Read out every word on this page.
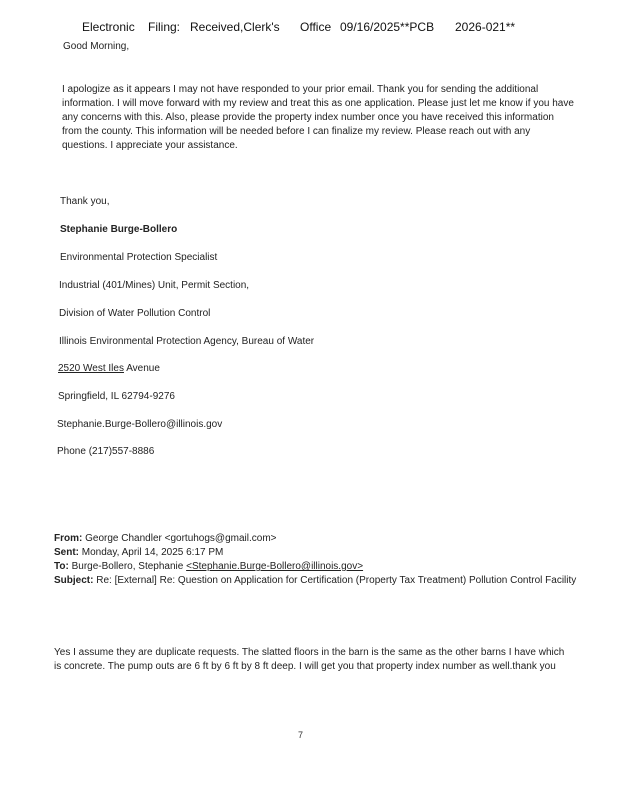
Electronic Filing: Received,Clerk's Office 09/16/2025**PCB 2026-021**
Good Morning,
I apologize as it appears I may not have responded to your prior email. Thank you for sending the additional information. I will move forward with my review and treat this as one application. Please just let me know if you have any concerns with this. Also, please provide the property index number once you have received this information from the county. This information will be needed before I can finalize my review. Please reach out with any questions. I appreciate your assistance.
Thank you,
Stephanie Burge-Bollero
Environmental Protection Specialist
Industrial (401/Mines) Unit, Permit Section,
Division of Water Pollution Control
Illinois Environmental Protection Agency, Bureau of Water
2520 West Iles Avenue
Springfield, IL 62794-9276
Stephanie.Burge-Bollero@illinois.gov
Phone (217)557-8886
From: George Chandler <gortuhogs@gmail.com>
Sent: Monday, April 14, 2025 6:17 PM
To: Burge-Bollero, Stephanie <Stephanie.Burge-Bollero@illinois.gov>
Subject: Re: [External] Re: Question on Application for Certification (Property Tax Treatment) Pollution Control Facility
Yes I assume they are duplicate requests. The slatted floors in the barn is the same as the other barns I have which is concrete. The pump outs are 6 ft by 6 ft by 8 ft deep. I will get you that property index number as well.thank you
7
